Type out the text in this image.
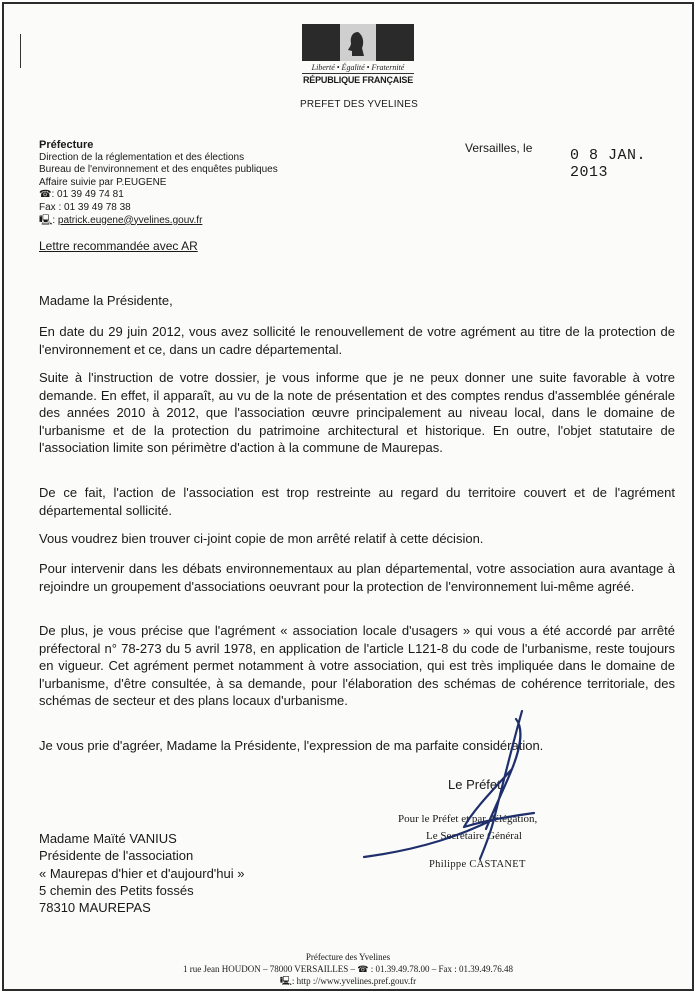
Liberté • Égalité • Fraternité
RÉPUBLIQUE FRANÇAISE
PREFET DES YVELINES
Préfecture
Direction de la réglementation et des élections
Bureau de l'environnement et des enquêtes publiques
Affaire suivie par P.EUGENE
☎: 01 39 49 74 81
Fax : 01 39 49 78 38
🖳: patrick.eugene@yvelines.gouv.fr
Versailles, le	0 8 JAN. 2013
Lettre recommandée avec AR
Madame la Présidente,
En date du 29 juin 2012, vous avez sollicité le renouvellement de votre agrément au titre de la protection de l'environnement et ce, dans un cadre départemental.
Suite à l'instruction de votre dossier, je vous informe que je ne peux donner une suite favorable à votre demande. En effet, il apparaît, au vu de la note de présentation et des comptes rendus d'assemblée générale des années 2010 à 2012, que l'association œuvre principalement au niveau local, dans le domaine de l'urbanisme et de la protection du patrimoine architectural et historique. En outre, l'objet statutaire de l'association limite son périmètre d'action à la commune de Maurepas.
De ce fait, l'action de l'association est trop restreinte au regard du territoire couvert et de l'agrément départemental sollicité.
Vous voudrez bien trouver ci-joint copie de mon arrêté relatif à cette décision.
Pour intervenir dans les débats environnementaux au plan départemental, votre association aura avantage à rejoindre un groupement d'associations oeuvrant pour la protection de l'environnement lui-même agréé.
De plus, je vous précise que l'agrément « association locale d'usagers » qui vous a été accordé par arrêté préfectoral n° 78-273 du 5 avril 1978, en application de l'article L121-8 du code de l'urbanisme, reste toujours en vigueur. Cet agrément permet notamment à votre association, qui est très impliquée dans le domaine de l'urbanisme, d'être consultée, à sa demande, pour l'élaboration des schémas de cohérence territoriale, des schémas de secteur et des plans locaux d'urbanisme.
Je vous prie d'agréer, Madame la Présidente, l'expression de ma parfaite considération.
Le Préfet
Pour le Préfet et par délégation,
Le Secrétaire Général
Philippe CASTANET
Madame Maïté VANIUS
Présidente de l'association
« Maurepas d'hier et d'aujourd'hui »
5 chemin des Petits fossés
78310 MAUREPAS
Préfecture des Yvelines
1 rue Jean HOUDON – 78000 VERSAILLES – ☎ : 01.39.49.78.00 – Fax : 01.39.49.76.48
🖳: http ://www.yvelines.pref.gouv.fr
